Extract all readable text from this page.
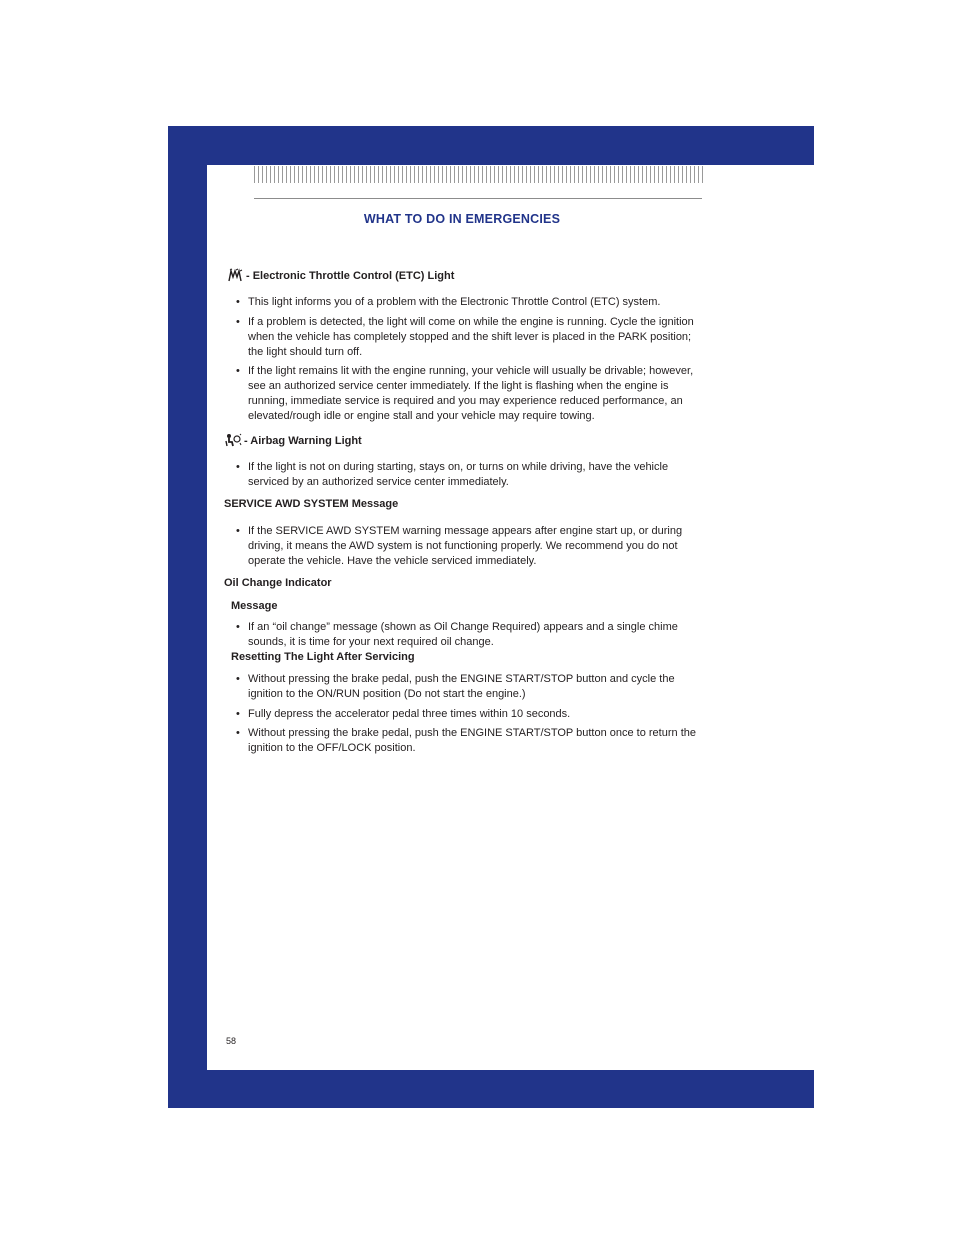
WHAT TO DO IN EMERGENCIES
- Electronic Throttle Control (ETC) Light
• This light informs you of a problem with the Electronic Throttle Control (ETC) system.
• If a problem is detected, the light will come on while the engine is running. Cycle the ignition when the vehicle has completely stopped and the shift lever is placed in the PARK position; the light should turn off.
• If the light remains lit with the engine running, your vehicle will usually be drivable; however, see an authorized service center immediately. If the light is flashing when the engine is running, immediate service is required and you may experience reduced performance, an elevated/rough idle or engine stall and your vehicle may require towing.
- Airbag Warning Light
• If the light is not on during starting, stays on, or turns on while driving, have the vehicle serviced by an authorized service center immediately.
SERVICE AWD SYSTEM Message
• If the SERVICE AWD SYSTEM warning message appears after engine start up, or during driving, it means the AWD system is not functioning properly. We recommend you do not operate the vehicle. Have the vehicle serviced immediately.
Oil Change Indicator
Message
• If an “oil change” message (shown as Oil Change Required) appears and a single chime sounds, it is time for your next required oil change.
Resetting The Light After Servicing
• Without pressing the brake pedal, push the ENGINE START/STOP button and cycle the ignition to the ON/RUN position (Do not start the engine.)
• Fully depress the accelerator pedal three times within 10 seconds.
• Without pressing the brake pedal, push the ENGINE START/STOP button once to return the ignition to the OFF/LOCK position.
58
